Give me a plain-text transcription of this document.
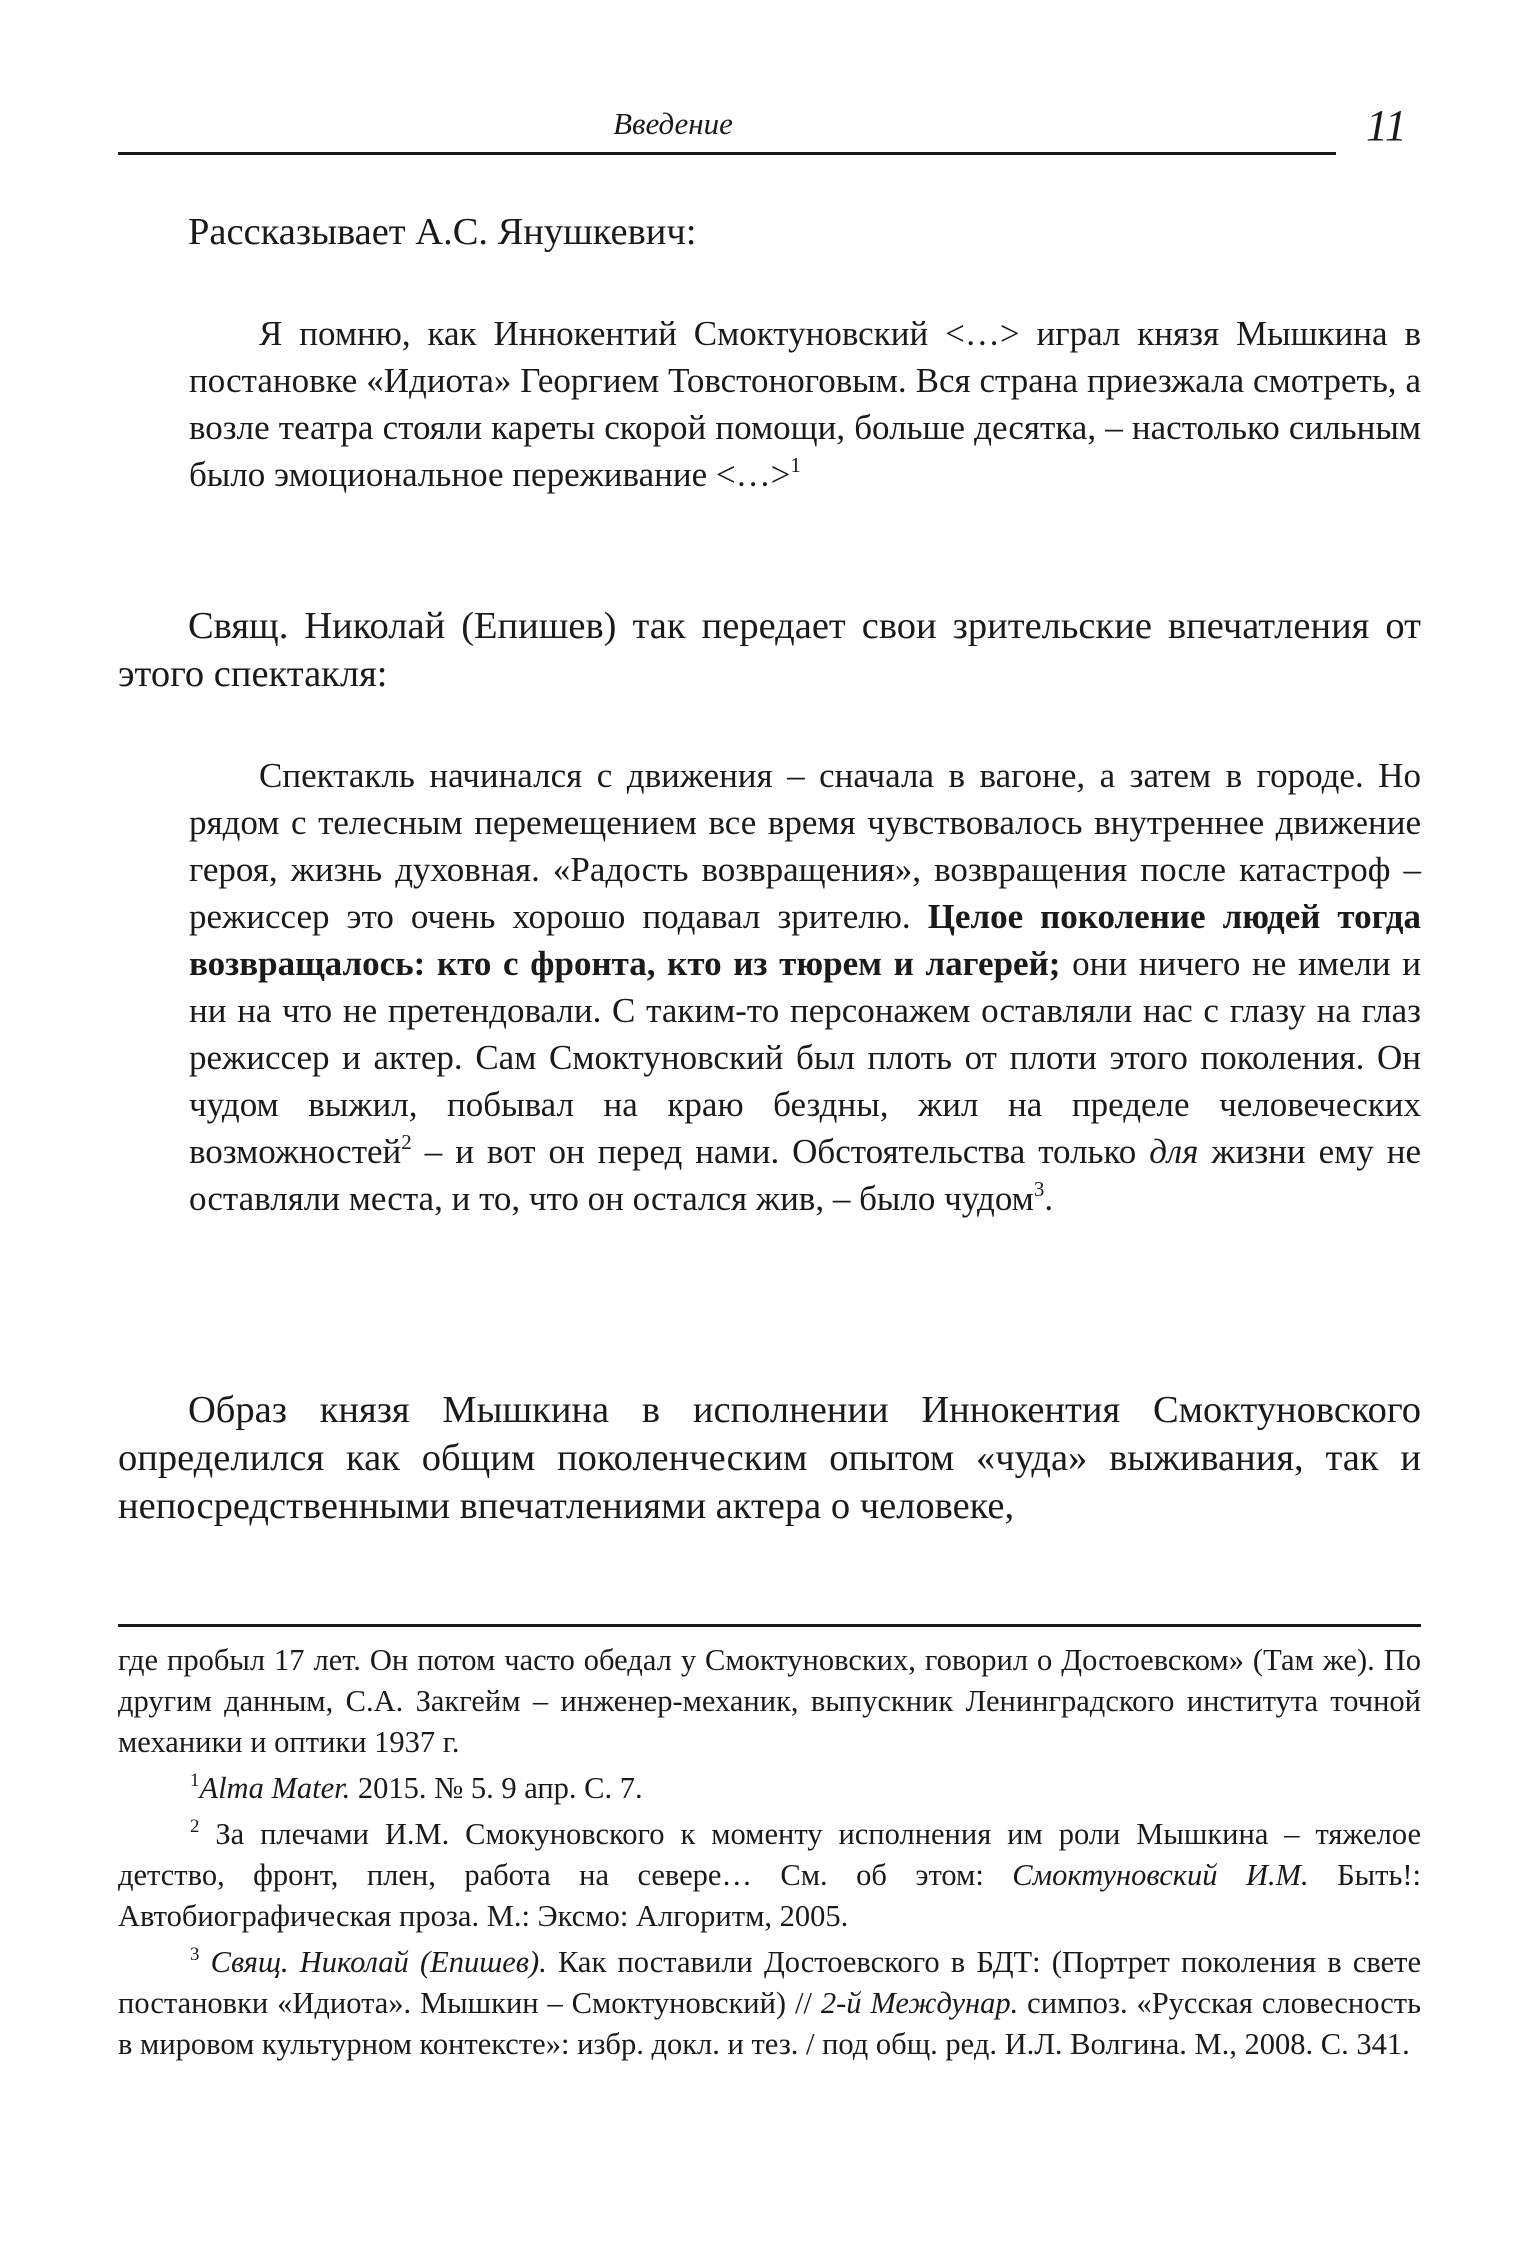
Введение	11

Рассказывает А.С. Янушкевич:

Я помню, как Иннокентий Смоктуновский <…> играл князя Мышкина в постановке «Идиота» Георгием Товстоноговым. Вся страна приезжала смотреть, а возле театра стояли кареты скорой помощи, больше десятка, – настолько сильным было эмоциональное переживание <…>$^1$

Свящ. Николай (Епишев) так передает свои зрительские впечатления от этого спектакля:

Спектакль начинался с движения – сначала в вагоне, а затем в городе. Но рядом с телесным перемещением все время чувствовалось внутреннее движение героя, жизнь духовная. «Радость возвращения», возвращения после катастроф – режиссер это очень хорошо подавал зрителю. Целое поколение людей тогда возвращалось: кто с фронта, кто из тюрем и лагерей; они ничего не имели и ни на что не претендовали. С таким-то персонажем оставляли нас с глазу на глаз режиссер и актер. Сам Смоктуновский был плоть от плоти этого поколения. Он чудом выжил, побывал на краю бездны, жил на пределе человеческих возможностей$^2$ – и вот он перед нами. Обстоятельства только для жизни ему не оставляли места, и то, что он остался жив, – было чудом$^3$.

Образ князя Мышкина в исполнении Иннокентия Смоктуновского определился как общим поколенческим опытом «чуда» выживания, так и непосредственными впечатлениями актера о человеке,

где пробыл 17 лет. Он потом часто обедал у Смоктуновских, говорил о Достоевском» (Там же). По другим данным, С.А. Закгейм – инженер-механик, выпускник Ленинградского института точной механики и оптики 1937 г.

$^1$Alma Mater. 2015. № 5. 9 апр. С. 7.

$^2$ За плечами И.М. Смокуновского к моменту исполнения им роли Мышкина – тяжелое детство, фронт, плен, работа на севере… См. об этом: Смоктуновский И.М. Быть!: Автобиографическая проза. М.: Эксмо: Алгоритм, 2005.

$^3$ Свящ. Николай (Епишев). Как поставили Достоевского в БДТ: (Портрет поколения в свете постановки «Идиота». Мышкин – Смоктуновский) // 2-й Междунар. симпоз. «Русская словесность в мировом культурном контексте»: избр. докл. и тез. / под общ. ред. И.Л. Волгина. М., 2008. С. 341.
